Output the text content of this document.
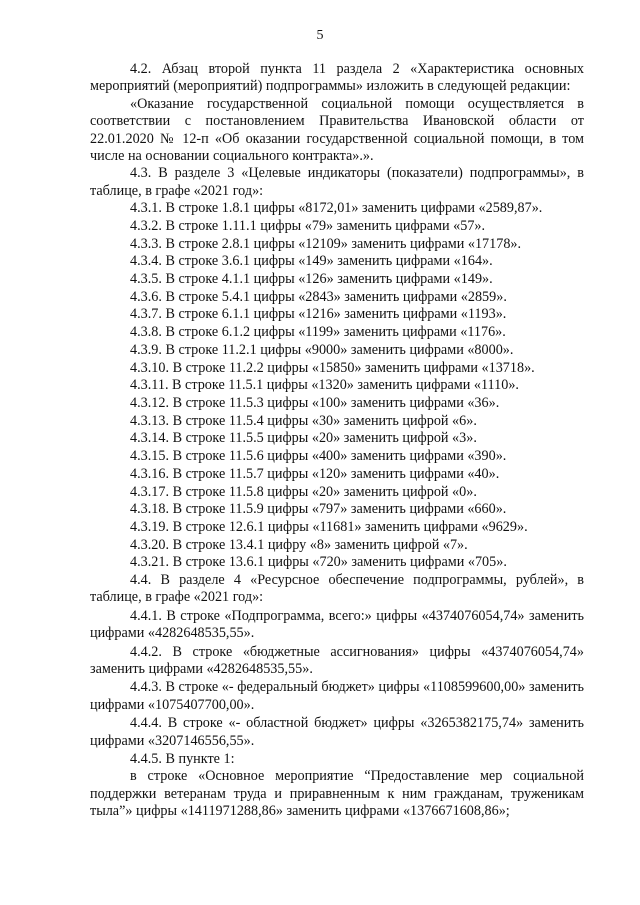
5

4.2. Абзац второй пункта 11 раздела 2 «Характеристика основных мероприятий (мероприятий) подпрограммы» изложить в следующей редакции:

«Оказание государственной социальной помощи осуществляется в соответствии с постановлением Правительства Ивановской области от 22.01.2020 № 12-п «Об оказании государственной социальной помощи, в том числе на основании социального контракта».».

4.3. В разделе 3 «Целевые индикаторы (показатели) подпрограммы», в таблице, в графе «2021 год»:

4.3.1. В строке 1.8.1 цифры «8172,01» заменить цифрами «2589,87».
4.3.2. В строке 1.11.1 цифры «79» заменить цифрами «57».
4.3.3. В строке 2.8.1 цифры «12109» заменить цифрами «17178».
4.3.4. В строке 3.6.1 цифры «149» заменить цифрами «164».
4.3.5. В строке 4.1.1 цифры «126» заменить цифрами «149».
4.3.6. В строке 5.4.1 цифры «2843» заменить цифрами «2859».
4.3.7. В строке 6.1.1 цифры «1216» заменить цифрами «1193».
4.3.8. В строке 6.1.2 цифры «1199» заменить цифрами «1176».
4.3.9. В строке 11.2.1 цифры «9000» заменить цифрами «8000».
4.3.10. В строке 11.2.2 цифры «15850» заменить цифрами «13718».
4.3.11. В строке 11.5.1 цифры «1320» заменить цифрами «1110».
4.3.12. В строке 11.5.3 цифры «100» заменить цифрами «36».
4.3.13. В строке 11.5.4 цифры «30» заменить цифрой «6».
4.3.14. В строке 11.5.5 цифры «20» заменить цифрой «3».
4.3.15. В строке 11.5.6 цифры «400» заменить цифрами «390».
4.3.16. В строке 11.5.7 цифры «120» заменить цифрами «40».
4.3.17. В строке 11.5.8 цифры «20» заменить цифрой «0».
4.3.18. В строке 11.5.9 цифры «797» заменить цифрами «660».
4.3.19. В строке 12.6.1 цифры «11681» заменить цифрами «9629».
4.3.20. В строке 13.4.1 цифру «8» заменить цифрой «7».
4.3.21. В строке 13.6.1 цифры «720» заменить цифрами «705».

4.4. В разделе 4 «Ресурсное обеспечение подпрограммы, рублей», в таблице, в графе «2021 год»:

4.4.1. В строке «Подпрограмма, всего:» цифры «4374076054,74» заменить цифрами «4282648535,55».

4.4.2. В строке «бюджетные ассигнования» цифры «4374076054,74» заменить цифрами «4282648535,55».

4.4.3. В строке «- федеральный бюджет» цифры «1108599600,00» заменить цифрами «1075407700,00».

4.4.4. В строке «- областной бюджет» цифры «3265382175,74» заменить цифрами «3207146556,55».

4.4.5. В пункте 1:

в строке «Основное мероприятие “Предоставление мер социальной поддержки ветеранам труда и приравненным к ним гражданам, труженикам тыла”» цифры «1411971288,86» заменить цифрами «1376671608,86»;
